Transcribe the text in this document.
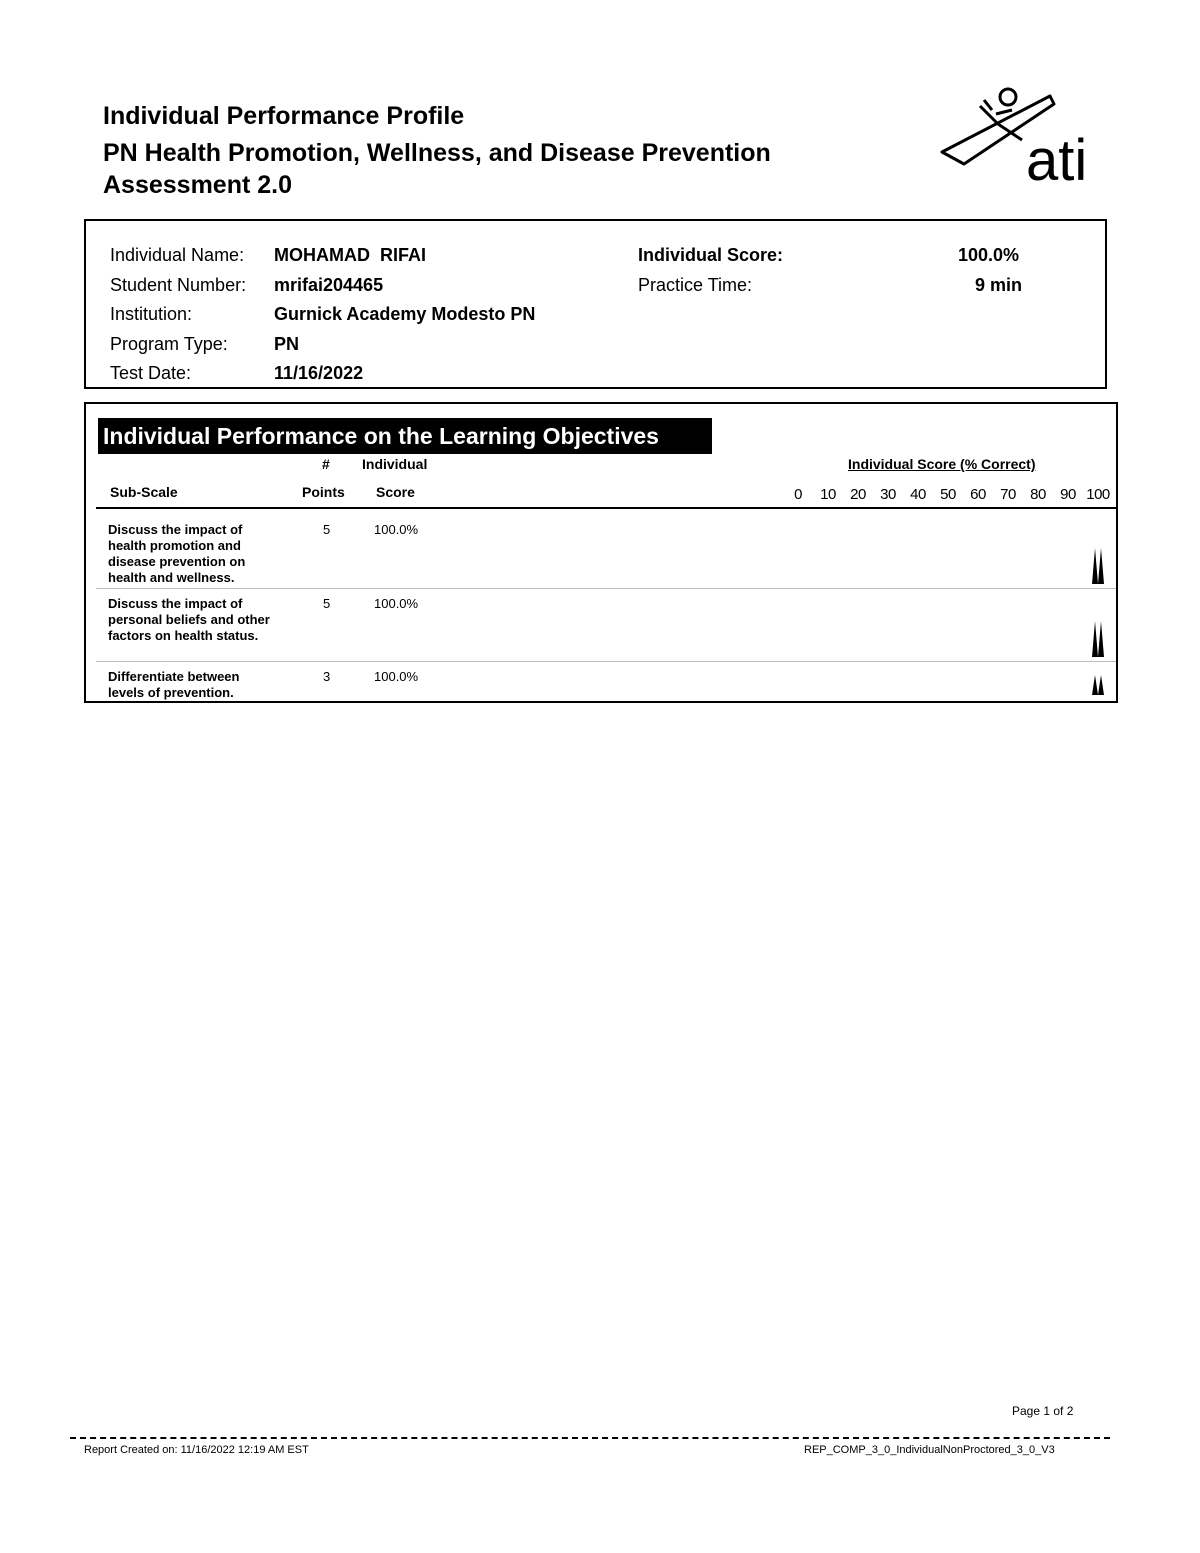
Individual Performance Profile
PN Health Promotion, Wellness, and Disease Prevention
Assessment 2.0	ati
Individual Name: MOHAMAD  RIFAI	Individual Score:	100.0%
Student Number: mrifai204465	Practice Time:	9 min
Institution:	Gurnick Academy Modesto PN
Program Type:	PN
Test Date:	11/16/2022
Individual Performance on the Learning Objectives
# Individual
Sub-Scale	Points Score
Individual Score (% Correct)
0 10 20 30 40 50 60 70 80 90 100
Discuss the impact of health promotion and disease prevention on health and wellness.
5	100.0%
Discuss the impact of personal beliefs and other factors on health status.
5	100.0%
Differentiate between levels of prevention.
3	100.0%
Page 1 of 2
Report Created on: 11/16/2022 12:19 AM EST	REP_COMP_3_0_IndividualNonProctored_3_0_V3
